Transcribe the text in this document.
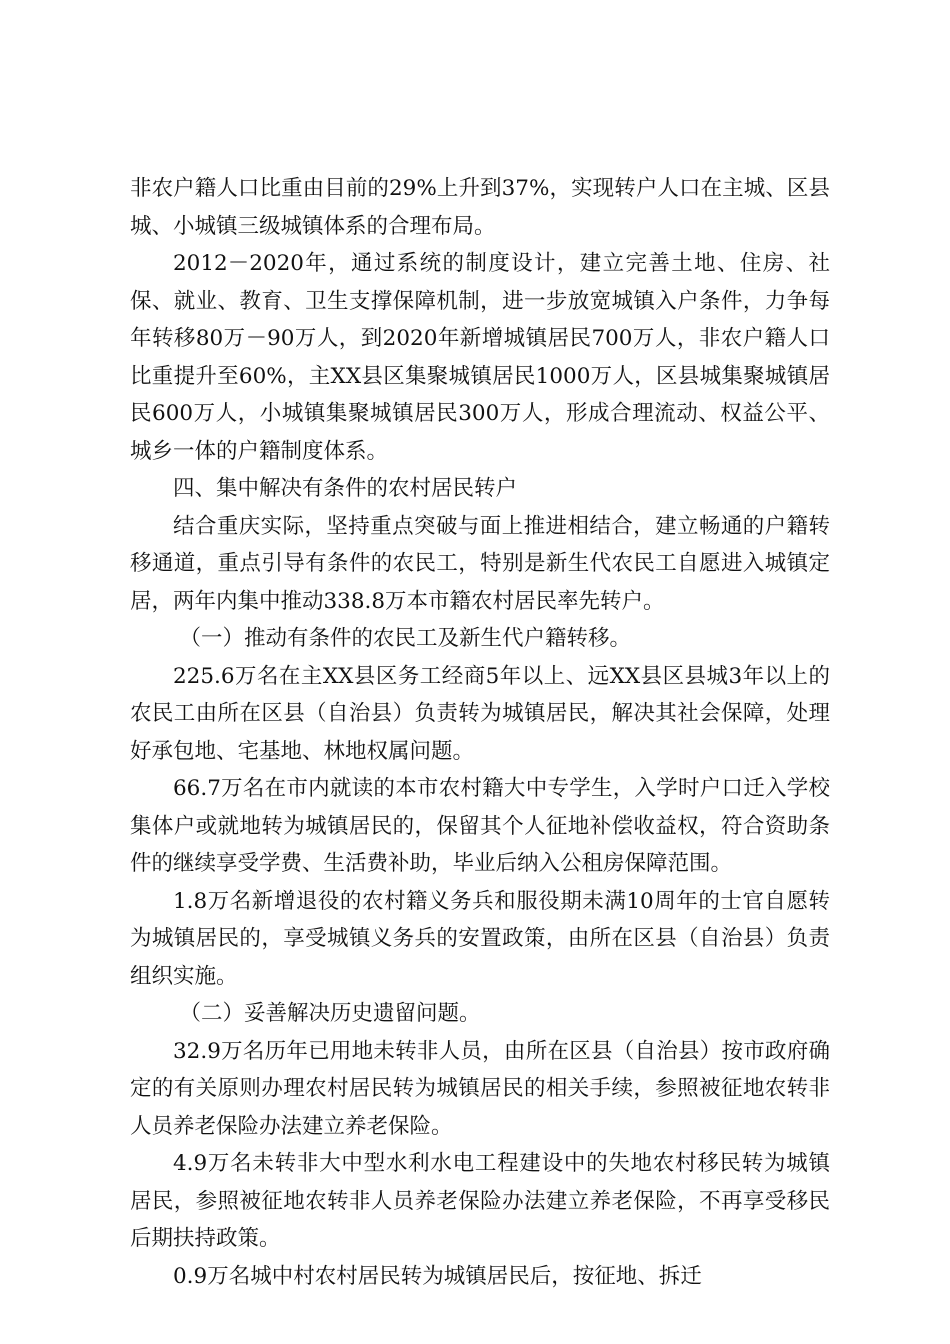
非农户籍人口比重由目前的29%上升到37%，实现转户人口在主城、区县城、小城镇三级城镇体系的合理布局。

2012－2020年，通过系统的制度设计，建立完善土地、住房、社保、就业、教育、卫生支撑保障机制，进一步放宽城镇入户条件，力争每年转移80万－90万人，到2020年新增城镇居民700万人，非农户籍人口比重提升至60%，主XX县区集聚城镇居民1000万人，区县城集聚城镇居民600万人，小城镇集聚城镇居民300万人，形成合理流动、权益公平、城乡一体的户籍制度体系。

四、集中解决有条件的农村居民转户

结合重庆实际，坚持重点突破与面上推进相结合，建立畅通的户籍转移通道，重点引导有条件的农民工，特别是新生代农民工自愿进入城镇定居，两年内集中推动338.8万本市籍农村居民率先转户。

（一）推动有条件的农民工及新生代户籍转移。

225.6万名在主XX县区务工经商5年以上、远XX县区县城3年以上的农民工由所在区县（自治县）负责转为城镇居民，解决其社会保障，处理好承包地、宅基地、林地权属问题。

66.7万名在市内就读的本市农村籍大中专学生，入学时户口迁入学校集体户或就地转为城镇居民的，保留其个人征地补偿收益权，符合资助条件的继续享受学费、生活费补助，毕业后纳入公租房保障范围。

1.8万名新增退役的农村籍义务兵和服役期未满10周年的士官自愿转为城镇居民的，享受城镇义务兵的安置政策，由所在区县（自治县）负责组织实施。

（二）妥善解决历史遗留问题。

32.9万名历年已用地未转非人员，由所在区县（自治县）按市政府确定的有关原则办理农村居民转为城镇居民的相关手续，参照被征地农转非人员养老保险办法建立养老保险。

4.9万名未转非大中型水利水电工程建设中的失地农村移民转为城镇居民，参照被征地农转非人员养老保险办法建立养老保险，不再享受移民后期扶持政策。

0.9万名城中村农村居民转为城镇居民后，按征地、拆迁
